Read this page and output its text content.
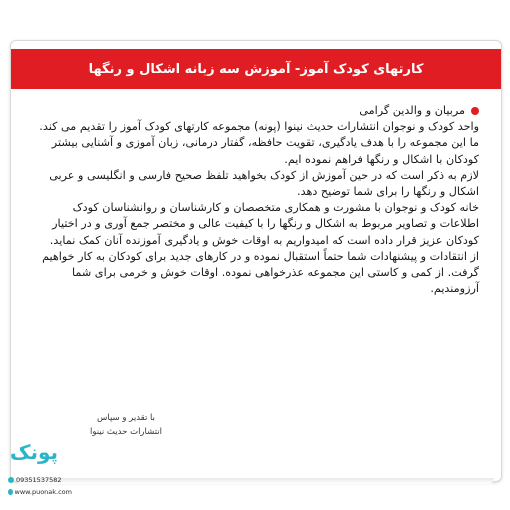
کارتهای کودک آموز- آموزش سه زبانه اشکال و رنگها

مربیان و والدین گرامی

واحد کودک و نوجوان انتشارات حدیث نینوا (پونه) مجموعه کارتهای کودک آموز را تقدیم می کند.

ما این مجموعه را با هدف یادگیری، تقویت حافظه، گفتار درمانی، زبان آموزی و آشنایی بیشتر کودکان با اشکال و رنگها فراهم نموده ایم.

لازم به ذکر است که در حین آموزش از کودک بخواهید تلفظ صحیح فارسی و انگلیسی و عربی اشکال و رنگها را برای شما توضیح دهد.

خانه کودک و نوجوان با مشورت و همکاری متخصصان و کارشناسان و روانشناسان کودک اطلاعات و تصاویر مربوط به اشکال و رنگها را با کیفیت عالی و مختصر جمع آوری و در اختیار کودکان عزیز قرار داده است که امیدواریم به اوقات خوش و یادگیری آموزنده آنان کمک نماید.

از انتقادات و پیشنهادات شما حتماً استقبال نموده و در کارهای جدید برای کودکان به کار خواهیم گرفت. از کمی و کاستی این مجموعه عذرخواهی نموده. اوقات خوش و خرمی برای شما آرزومندیم.

با تقدیر و سپاس
انتشارات حدیث نینوا
پونک
09351537582
www.puonak.com
